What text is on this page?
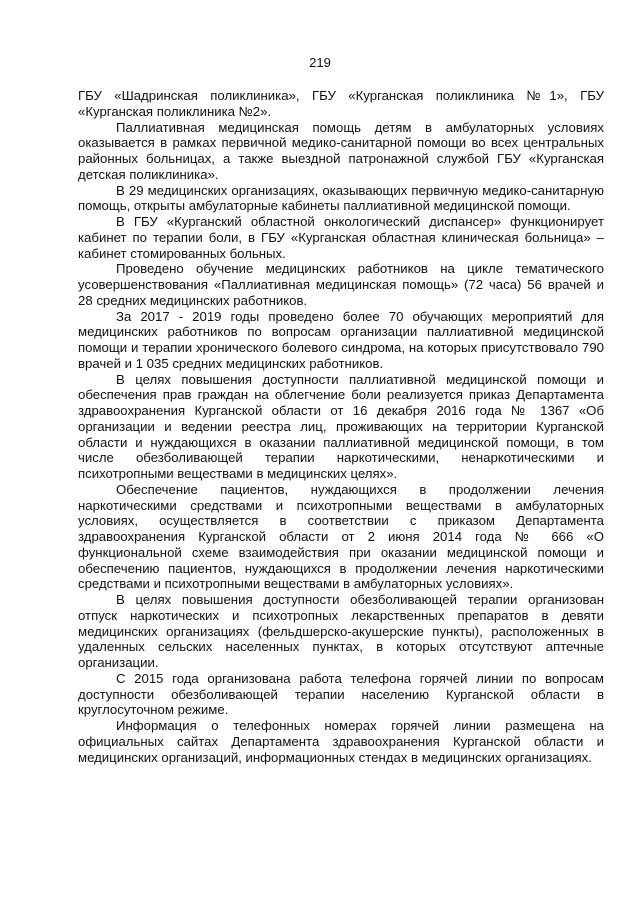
219

ГБУ «Шадринская поликлиника», ГБУ «Курганская поликлиника №1», ГБУ «Курганская поликлиника №2».

Паллиативная медицинская помощь детям в амбулаторных условиях оказывается в рамках первичной медико-санитарной помощи во всех центральных районных больницах, а также выездной патронажной службой ГБУ «Курганская детская поликлиника».

В 29 медицинских организациях, оказывающих первичную медико-санитарную помощь, открыты амбулаторные кабинеты паллиативной медицинской помощи.

В ГБУ «Курганский областной онкологический диспансер» функционирует кабинет по терапии боли, в ГБУ «Курганская областная клиническая больница» – кабинет стомированных больных.

Проведено обучение медицинских работников на цикле тематического усовершенствования «Паллиативная медицинская помощь» (72 часа) 56 врачей и 28 средних медицинских работников.

За 2017 - 2019 годы проведено более 70 обучающих мероприятий для медицинских работников по вопросам организации паллиативной медицинской помощи и терапии хронического болевого синдрома, на которых присутствовало 790 врачей и 1 035 средних медицинских работников.

В целях повышения доступности паллиативной медицинской помощи и обеспечения прав граждан на облегчение боли реализуется приказ Департамента здравоохранения Курганской области от 16 декабря 2016 года № 1367 «Об организации и ведении реестра лиц, проживающих на территории Курганской области и нуждающихся в оказании паллиативной медицинской помощи, в том числе обезболивающей терапии наркотическими, ненаркотическими и психотропными веществами в медицинских целях».

Обеспечение пациентов, нуждающихся в продолжении лечения наркотическими средствами и психотропными веществами в амбулаторных условиях, осуществляется в соответствии с приказом Департамента здравоохранения Курганской области от 2 июня 2014 года № 666 «О функциональной схеме взаимодействия при оказании медицинской помощи и обеспечению пациентов, нуждающихся в продолжении лечения наркотическими средствами и психотропными веществами в амбулаторных условиях».

В целях повышения доступности обезболивающей терапии организован отпуск наркотических и психотропных лекарственных препаратов в девяти медицинских организациях (фельдшерско-акушерские пункты), расположенных в удаленных сельских населенных пунктах, в которых отсутствуют аптечные организации.

С 2015 года организована работа телефона горячей линии по вопросам доступности обезболивающей терапии населению Курганской области в круглосуточном режиме.

Информация о телефонных номерах горячей линии размещена на официальных сайтах Департамента здравоохранения Курганской области и медицинских организаций, информационных стендах в медицинских организациях.
